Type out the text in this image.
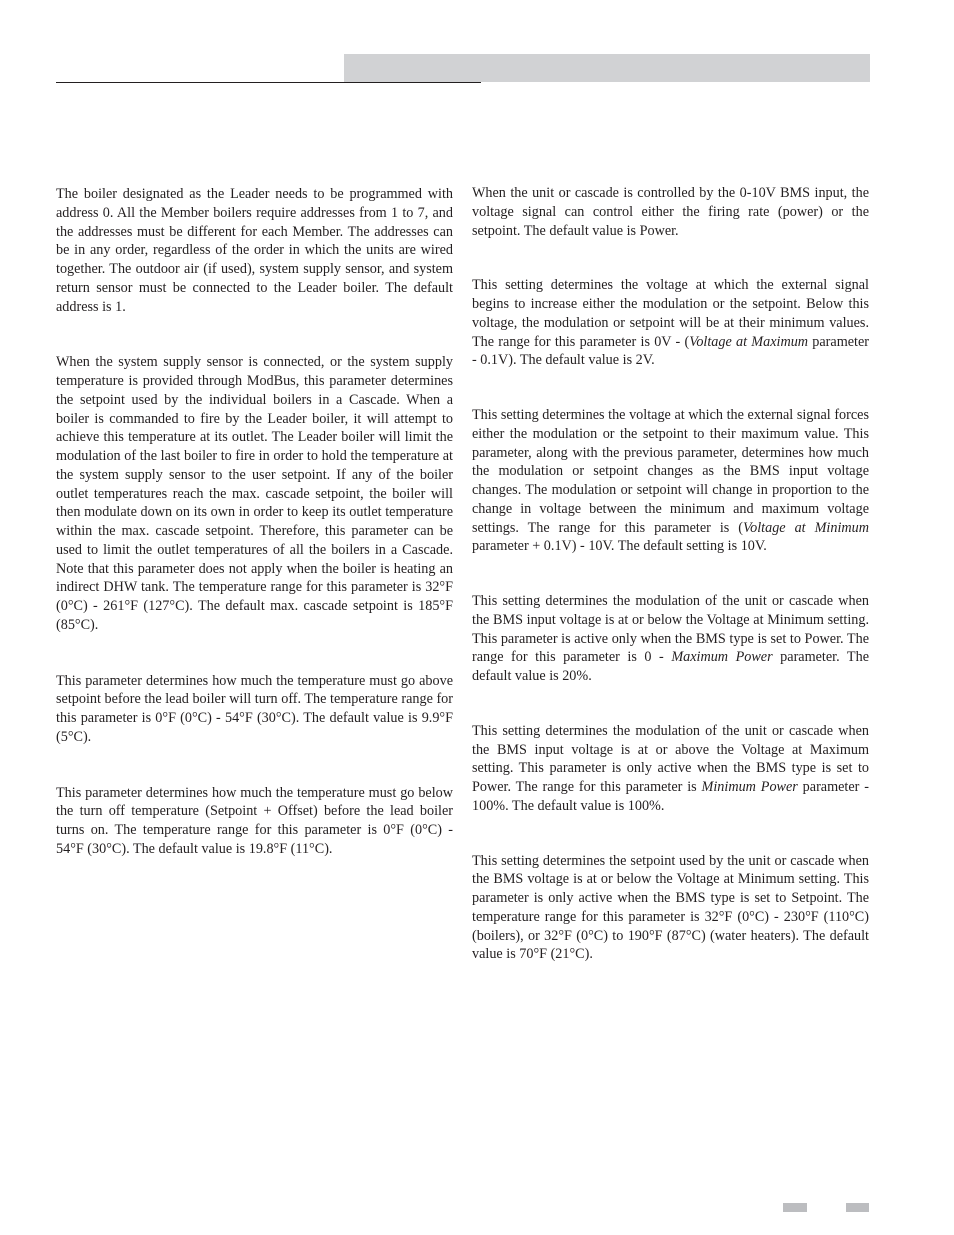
The boiler designated as the Leader needs to be programmed with address 0. All the Member boilers require addresses from 1 to 7, and the addresses must be different for each Member. The addresses can be in any order, regardless of the order in which the units are wired together. The outdoor air (if used), system supply sensor, and system return sensor must be connected to the Leader boiler. The default address is 1.

When the system supply sensor is connected, or the system supply temperature is provided through ModBus, this parameter determines the setpoint used by the individual boilers in a Cascade. When a boiler is commanded to fire by the Leader boiler, it will attempt to achieve this temperature at its outlet. The Leader boiler will limit the modulation of the last boiler to fire in order to hold the temperature at the system supply sensor to the user setpoint. If any of the boiler outlet temperatures reach the max. cascade setpoint, the boiler will then modulate down on its own in order to keep its outlet temperature within the max. cascade setpoint. Therefore, this parameter can be used to limit the outlet temperatures of all the boilers in a Cascade. Note that this parameter does not apply when the boiler is heating an indirect DHW tank. The temperature range for this parameter is 32°F (0°C) - 261°F (127°C). The default max. cascade setpoint is 185°F (85°C).

This parameter determines how much the temperature must go above setpoint before the lead boiler will turn off. The temperature range for this parameter is 0°F (0°C) - 54°F (30°C). The default value is 9.9°F (5°C).

This parameter determines how much the temperature must go below the turn off temperature (Setpoint + Offset) before the lead boiler turns on. The temperature range for this parameter is 0°F (0°C) - 54°F (30°C). The default value is 19.8°F (11°C).

When the unit or cascade is controlled by the 0-10V BMS input, the voltage signal can control either the firing rate (power) or the setpoint. The default value is Power.

This setting determines the voltage at which the external signal begins to increase either the modulation or the setpoint. Below this voltage, the modulation or setpoint will be at their minimum values. The range for this parameter is 0V - (Voltage at Maximum parameter - 0.1V). The default value is 2V.

This setting determines the voltage at which the external signal forces either the modulation or the setpoint to their maximum value. This parameter, along with the previous parameter, determines how much the modulation or setpoint changes as the BMS input voltage changes. The modulation or setpoint will change in proportion to the change in voltage between the minimum and maximum voltage settings. The range for this parameter is (Voltage at Minimum parameter + 0.1V) - 10V. The default setting is 10V.

This setting determines the modulation of the unit or cascade when the BMS input voltage is at or below the Voltage at Minimum setting. This parameter is active only when the BMS type is set to Power. The range for this parameter is 0 - Maximum Power parameter. The default value is 20%.

This setting determines the modulation of the unit or cascade when the BMS input voltage is at or above the Voltage at Maximum setting. This parameter is only active when the BMS type is set to Power. The range for this parameter is Minimum Power parameter - 100%. The default value is 100%.

This setting determines the setpoint used by the unit or cascade when the BMS voltage is at or below the Voltage at Minimum setting. This parameter is only active when the BMS type is set to Setpoint. The temperature range for this parameter is 32°F (0°C) - 230°F (110°C) (boilers), or 32°F (0°C) to 190°F (87°C) (water heaters). The default value is 70°F (21°C).
